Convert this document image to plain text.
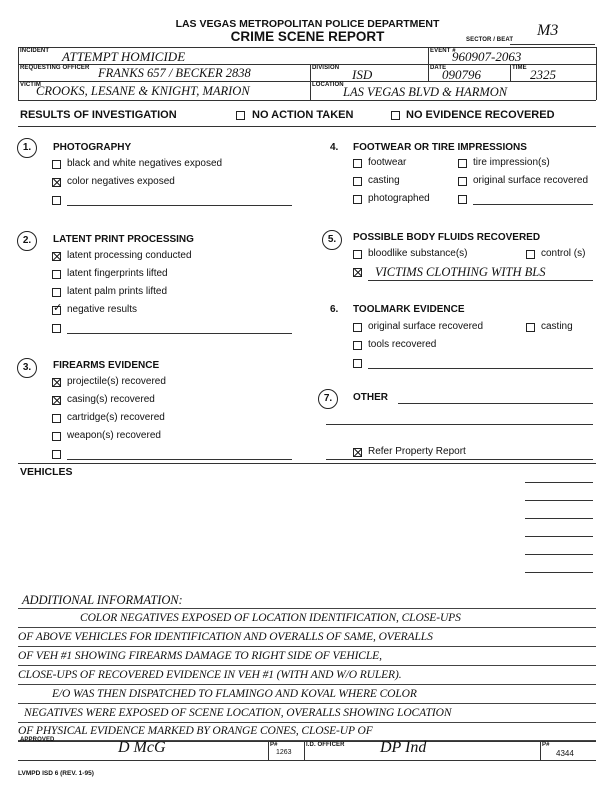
LAS VEGAS METROPOLITAN POLICE DEPARTMENT
CRIME SCENE REPORT	SECTOR / BEAT
M3
INCIDENT ATTEMPT HOMICIDE	EVENT #
960907-2063
REQUESTING OFFICER FRANKS 657 / BECKER 2838	DIVISION ISD	DATE
090796	TIME 2325
VICTIM
CROOKS, LESANE & KNIGHT, MARION	LOCATION LAS VEGAS BLVD & HARMON
RESULTS OF INVESTIGATION	NO ACTION TAKEN	NO EVIDENCE RECOVERED
1.	PHOTOGRAPHY
black and white negatives exposed
color negatives exposed
4. FOOTWEAR OR TIRE IMPRESSIONS
footwear	tire impression(s)
casting	original surface recovered
photographed
2.	LATENT PRINT PROCESSING
latent processing conducted
latent fingerprints lifted
latent palm prints lifted
✓
negative results
5.	POSSIBLE BODY FLUIDS RECOVERED
bloodlike substance(s)	control (s)
VICTIMS CLOTHING WITH BLS
6. TOOLMARK EVIDENCE
original surface recovered	casting
tools recovered
3.	FIREARMS EVIDENCE
projectile(s) recovered
casing(s) recovered
cartridge(s) recovered
weapon(s) recovered
7.	OTHER
Refer Property Report
VEHICLES
ADDITIONAL INFORMATION:
COLOR NEGATIVES EXPOSED OF LOCATION IDENTIFICATION, CLOSE-UPS
OF ABOVE VEHICLES FOR IDENTIFICATION AND OVERALLS OF SAME, OVERALLS
OF VEH #1 SHOWING FIREARMS DAMAGE TO RIGHT SIDE OF VEHICLE,
CLOSE-UPS OF RECOVERED EVIDENCE IN VEH #1 (WITH AND W/O RULER).
E/O WAS THEN DISPATCHED TO FLAMINGO AND KOVAL WHERE COLOR
NEGATIVES WERE EXPOSED OF SCENE LOCATION, OVERALLS SHOWING LOCATION
OF PHYSICAL EVIDENCE MARKED BY ORANGE CONES, CLOSE-UP OF
APPROVED	D McG	P#
1263
I.D. OFFICER DP Ind	P#
4344
LVMPD ISD 6 (REV. 1-95)
